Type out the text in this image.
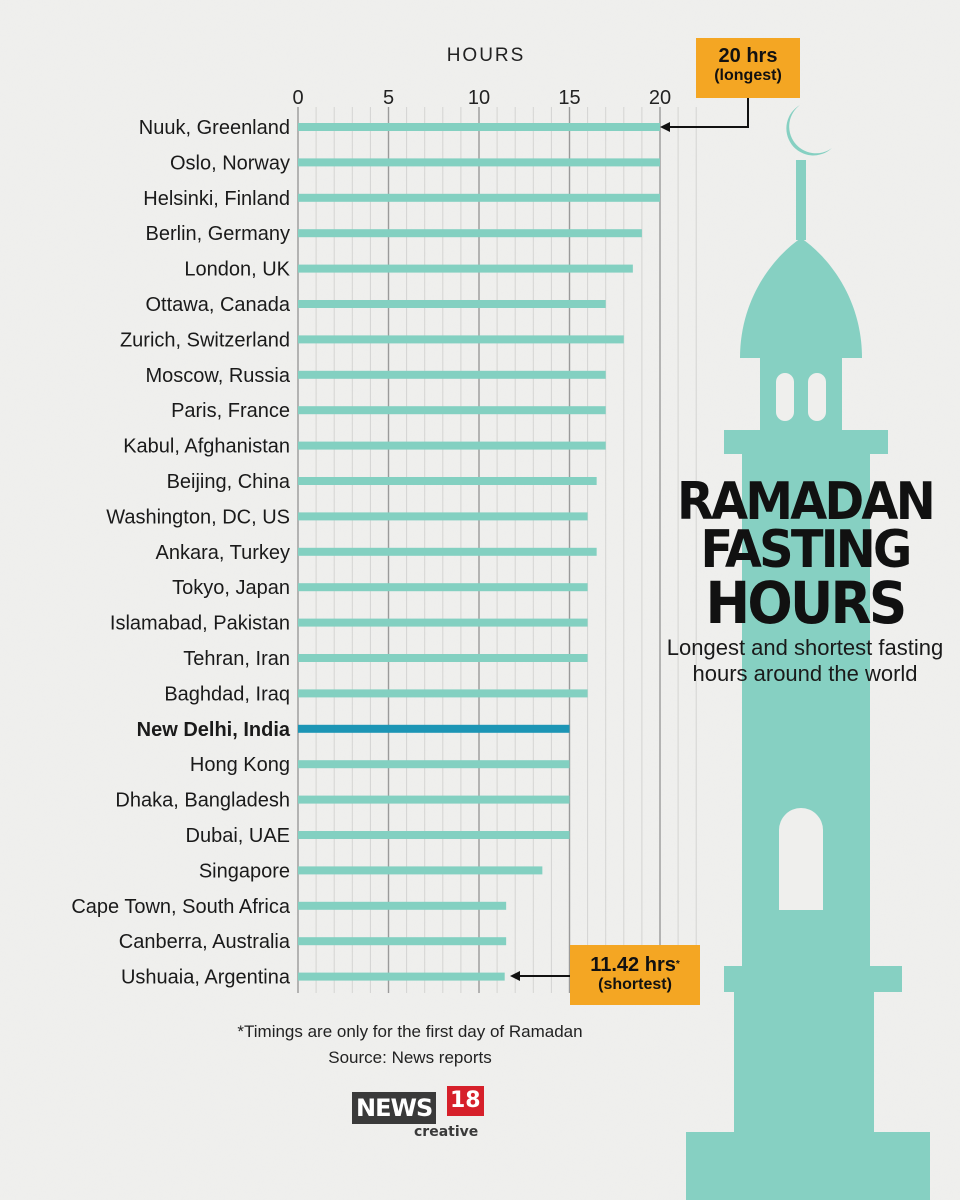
HOURS
0	5	10	15	20
Nuuk, Greenland
Oslo, Norway
Helsinki, Finland
Berlin, Germany
London, UK
Ottawa, Canada
Zurich, Switzerland
Moscow, Russia
Paris, France
Kabul, Afghanistan
Beijing, China
Washington, DC, US
Ankara, Turkey
Tokyo, Japan
Islamabad, Pakistan
Tehran, Iran
Baghdad, Iraq
New Delhi, India
Hong Kong
Dhaka, Bangladesh
Dubai, UAE
Singapore
Cape Town, South Africa
Canberra, Australia
Ushuaia, Argentina
20 hrs
(longest)
11.42 hrs*
(shortest)
RAMADAN
FASTING
HOURS
Longest and shortest fasting hours around the world
*Timings are only for the first day of Ramadan
Source: News reports
NEWS 18
creative
